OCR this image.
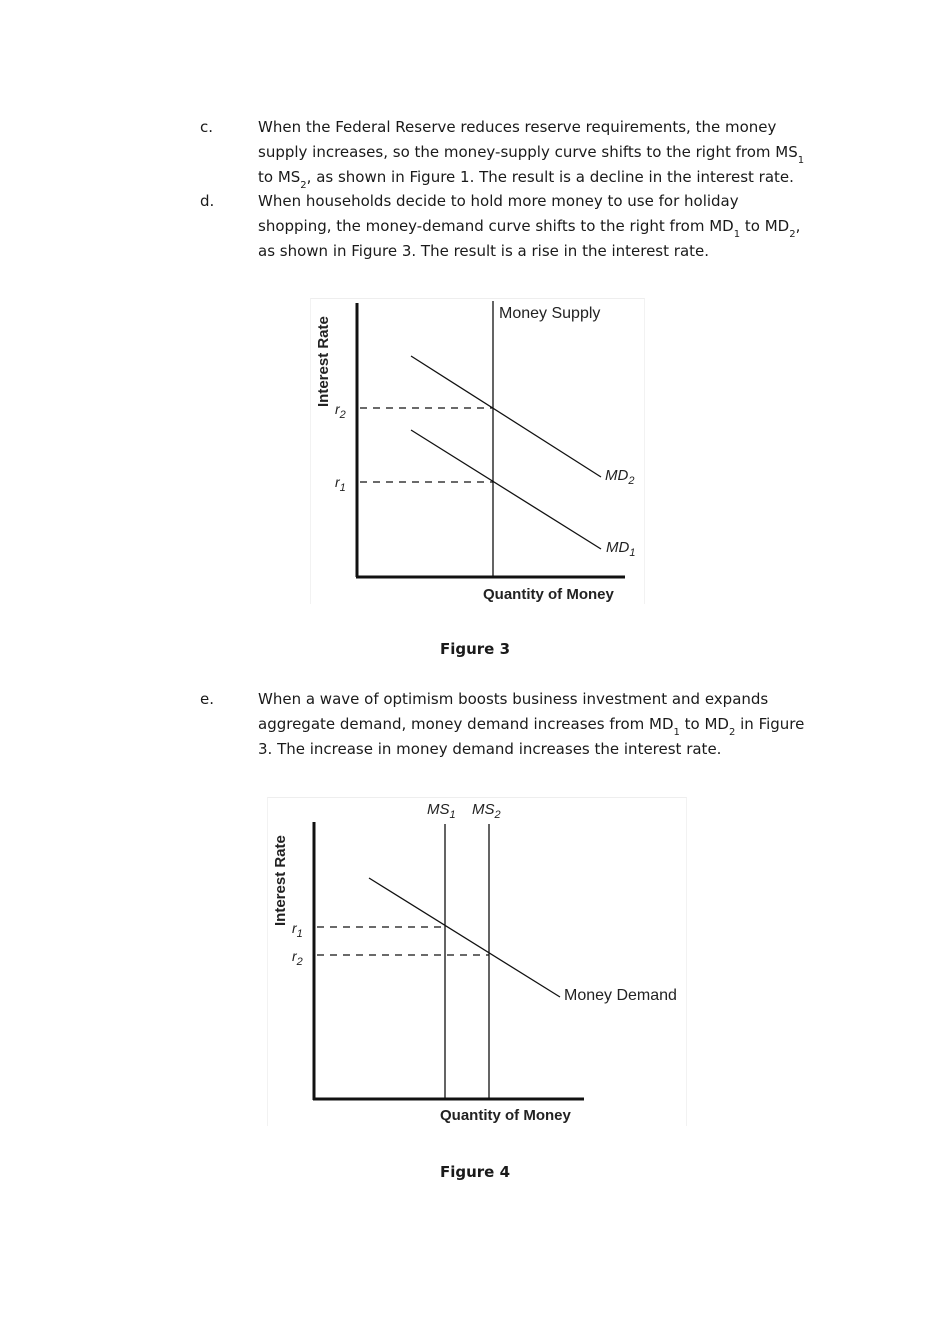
c.	When the Federal Reserve reduces reserve requirements, the money supply increases, so the money-supply curve shifts to the right from $MS_1$ to $MS_2$, as shown in Figure 1. The result is a decline in the interest rate.
d.	When households decide to hold more money to use for holiday shopping, the money-demand curve shifts to the right from $MD_1$ to $MD_2$, as shown in Figure 3. The result is a rise in the interest rate.
Interest Rate
Quantity of Money
Money Supply
$r_2$
$r_1$
$MD_2$
$MD_1$
Figure 3
e.	When a wave of optimism boosts business investment and expands aggregate demand, money demand increases from $MD_1$ to $MD_2$ in Figure 3. The increase in money demand increases the interest rate.
Interest Rate
Quantity of Money
$MS_1$ $MS_2$
$r_1$
$r_2$
Money Demand
Figure 4
